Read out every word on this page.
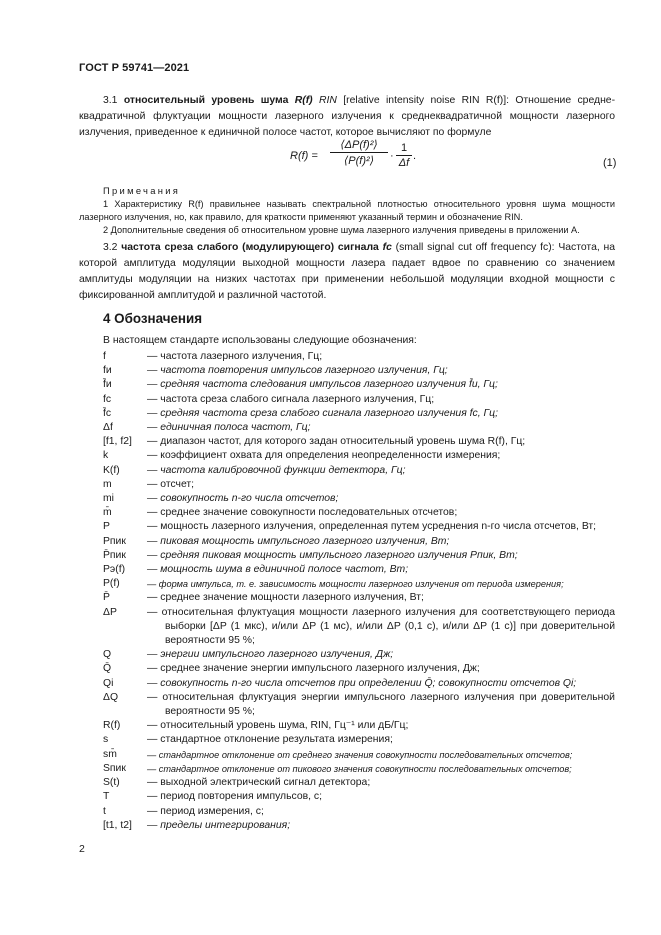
ГОСТ Р 59741—2021
3.1 относительный уровень шума R(f) RIN [relative intensity noise RIN R(f)]: Отношение средне-квадратичной флуктуации мощности лазерного излучения к среднеквадратичной мощности лазерного излучения, приведенное к единичной полосе частот, которое вычисляют по формуле
R(f) =
⟨ΔP(f)²⟩
⟨P(f)²⟩	·
1
Δf
.
(1)
Примечания
1 Характеристику R(f) правильнее называть спектральной плотностью относительного уровня шума мощности лазерного излучения, но, как правило, для краткости применяют указанный термин и обозначение RIN.
2 Дополнительные сведения об относительном уровне шума лазерного излучения приведены в приложении А.
3.2 частота среза слабого (модулирующего) сигнала fc (small signal cut off frequency fc): Частота, на которой амплитуда модуляции выходной мощности лазера падает вдвое по сравнению со значением амплитуды модуляции на низких частотах при применении небольшой модуляции входной мощности с фиксированной амплитудой и различной частотой.
4 Обозначения
В настоящем стандарте использованы следующие обозначения:
f	— частота лазерного излучения, Гц;
fи	— частота повторения импульсов лазерного излучения, Гц;
f̄и	— средняя частота следования импульсов лазерного излучения f̄и, Гц;
fc	— частота среза слабого сигнала лазерного излучения, Гц;
f̄c	— средняя частота среза слабого сигнала лазерного излучения fc, Гц;
Δf	— единичная полоса частот, Гц;
[f1, f2]	— диапазон частот, для которого задан относительный уровень шума R(f), Гц;
k	— коэффициент охвата для определения неопределенности измерения;
K(f)	— частота калибровочной функции детектора, Гц;
m	— отсчет;
mi	— совокупность n-го числа отсчетов;
m̄	— среднее значение совокупности последовательных отсчетов;
P	— мощность лазерного излучения, определенная путем усреднения n-го числа отсчетов, Вт;
Pпик	— пиковая мощность импульсного лазерного излучения, Вт;
P̄пик	— средняя пиковая мощность импульсного лазерного излучения Pпик, Вт;
Pэ(f)	— мощность шума в единичной полосе частот, Вт;
P(f)	— форма импульса, т. е. зависимость мощности лазерного излучения от периода измерения;
P̄	— среднее значение мощности лазерного излучения, Вт;
ΔP	— относительная флуктуация мощности лазерного излучения для соответствующего периода выборки [ΔP (1 мкс), и/или ΔP (1 мс), и/или ΔP (0,1 с), и/или ΔP (1 с)] при доверительной вероятности 95 %;
Q	— энергии импульсного лазерного излучения, Дж;
Q̄	— среднее значение энергии импульсного лазерного излучения, Дж;
Qi	— совокупность n-го числа отсчетов при определении Q̄; совокупности отсчетов Qi;
ΔQ	— относительная флуктуация энергии импульсного лазерного излучения при доверительной вероятности 95 %;
R(f)	— относительный уровень шума, RIN, Гц⁻¹ или дБ/Гц;
s	— стандартное отклонение результата измерения;
sm̄	— стандартное отклонение от среднего значения совокупности последовательных отсчетов;
Sпик	— стандартное отклонение от пикового значения совокупности последовательных отсчетов;
S(t)	— выходной электрический сигнал детектора;
T	— период повторения импульсов, с;
t	— период измерения, с;
[t1, t2]	— пределы интегрирования;
2
